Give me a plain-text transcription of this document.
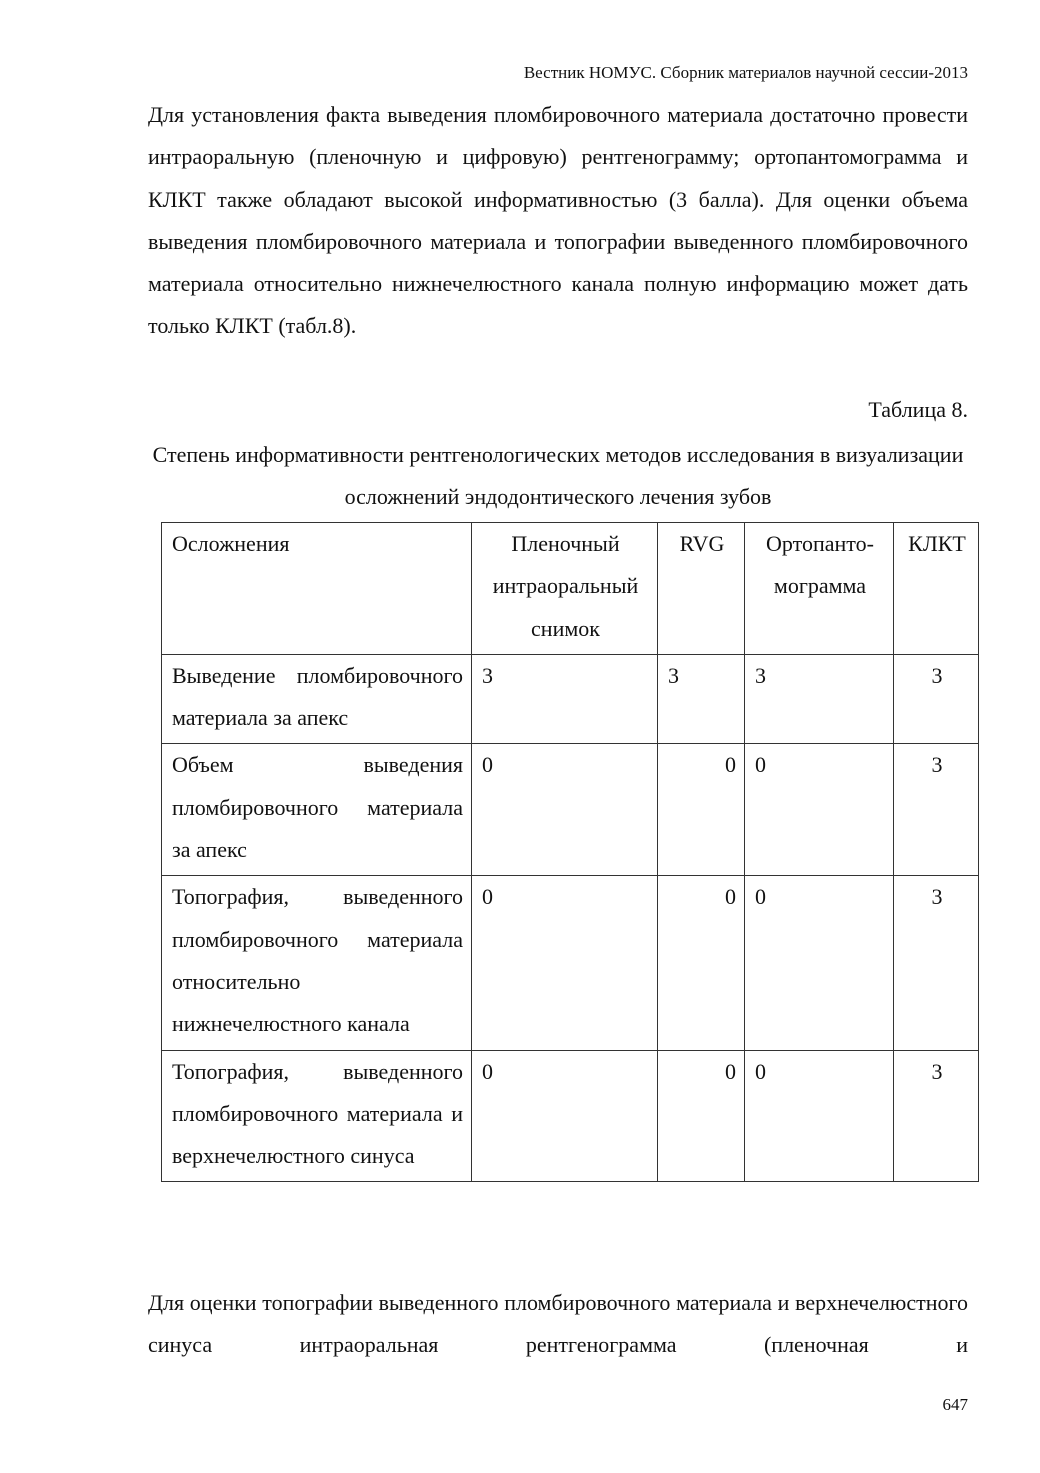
Вестник НОМУС. Сборник материалов научной сессии-2013
Для установления факта выведения пломбировочного материала достаточно провести интраоральную (пленочную и цифровую) рентгенограмму; ортопантомограмма и КЛКТ также обладают высокой информативностью (3 балла). Для оценки объема выведения пломбировочного материала и топографии выведенного пломбировочного материала относительно нижнечелюстного канала полную информацию может дать только КЛКТ (табл.8).
Таблица 8.
Степень информативности рентгенологических методов исследования в визуализации осложнений эндодонтического лечения зубов
Осложнения	Пленочный интраоральный снимок	RVG	Ортопанто-мограмма	КЛКТ
Выведение пломбировочного материала за апекс	3	3	3	3
Объем выведения пломбировочного материала за апекс	0	0	0	3
Топография, выведенного пломбировочного материала относительно нижнечелюстного канала	0	0	0	3
Топография, выведенного пломбировочного материала и верхнечелюстного синуса	0	0	0	3
Для оценки топографии выведенного пломбировочного материала и верхнечелюстного синуса интраоральная рентгенограмма (пленочная и
647
